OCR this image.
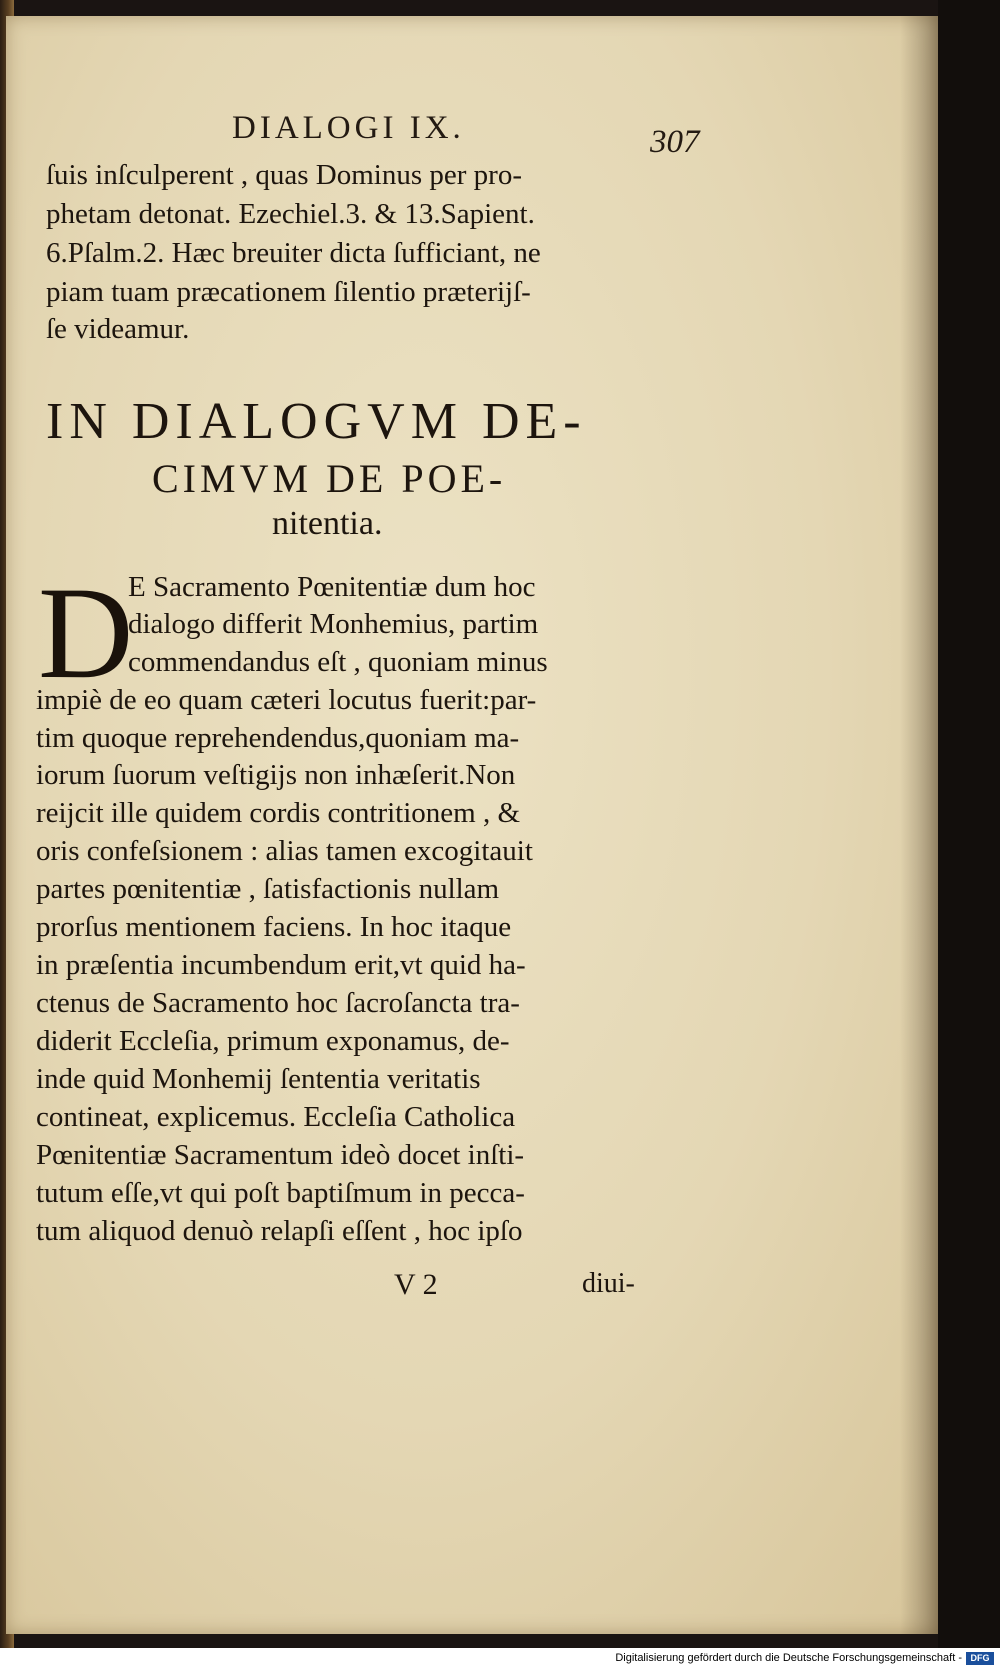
DIALOGI IX.	307
ſuis inſculperent , quas Dominus per pro-
phetam detonat. Ezechiel.3. & 13.Sapient.
6.Pſalm.2. Hæc breuiter dicta ſufficiant, ne
piam tuam præcationem ſilentio præterijſ-
ſe videamur.
IN DIALOGVM DE-
CIMVM DE POE-
nitentia.
D
E Sacramento Pœnitentiæ dum hoc
dialogo differit Monhemius, partim
commendandus eſt , quoniam minus
impiè de eo quam cæteri locutus fuerit:par-
tim quoque reprehendendus,quoniam ma-
iorum ſuorum veſtigijs non inhæſerit.Non
reijcit ille quidem cordis contritionem , &
oris confeſsionem : alias tamen excogitauit
partes pœnitentiæ , ſatisfactionis nullam
prorſus mentionem faciens. In hoc itaque
in præſentia incumbendum erit,vt quid ha-
ctenus de Sacramento hoc ſacroſancta tra-
diderit Eccleſia, primum exponamus, de-
inde quid Monhemij ſententia veritatis
contineat, explicemus. Eccleſia Catholica
Pœnitentiæ Sacramentum ideò docet inſti-
tutum eſſe,vt qui poſt baptiſmum in pecca-
tum aliquod denuò relapſi eſſent , hoc ipſo
V 2	diui-
Digitalisierung gefördert durch die Deutsche Forschungsgemeinschaft - DFG
